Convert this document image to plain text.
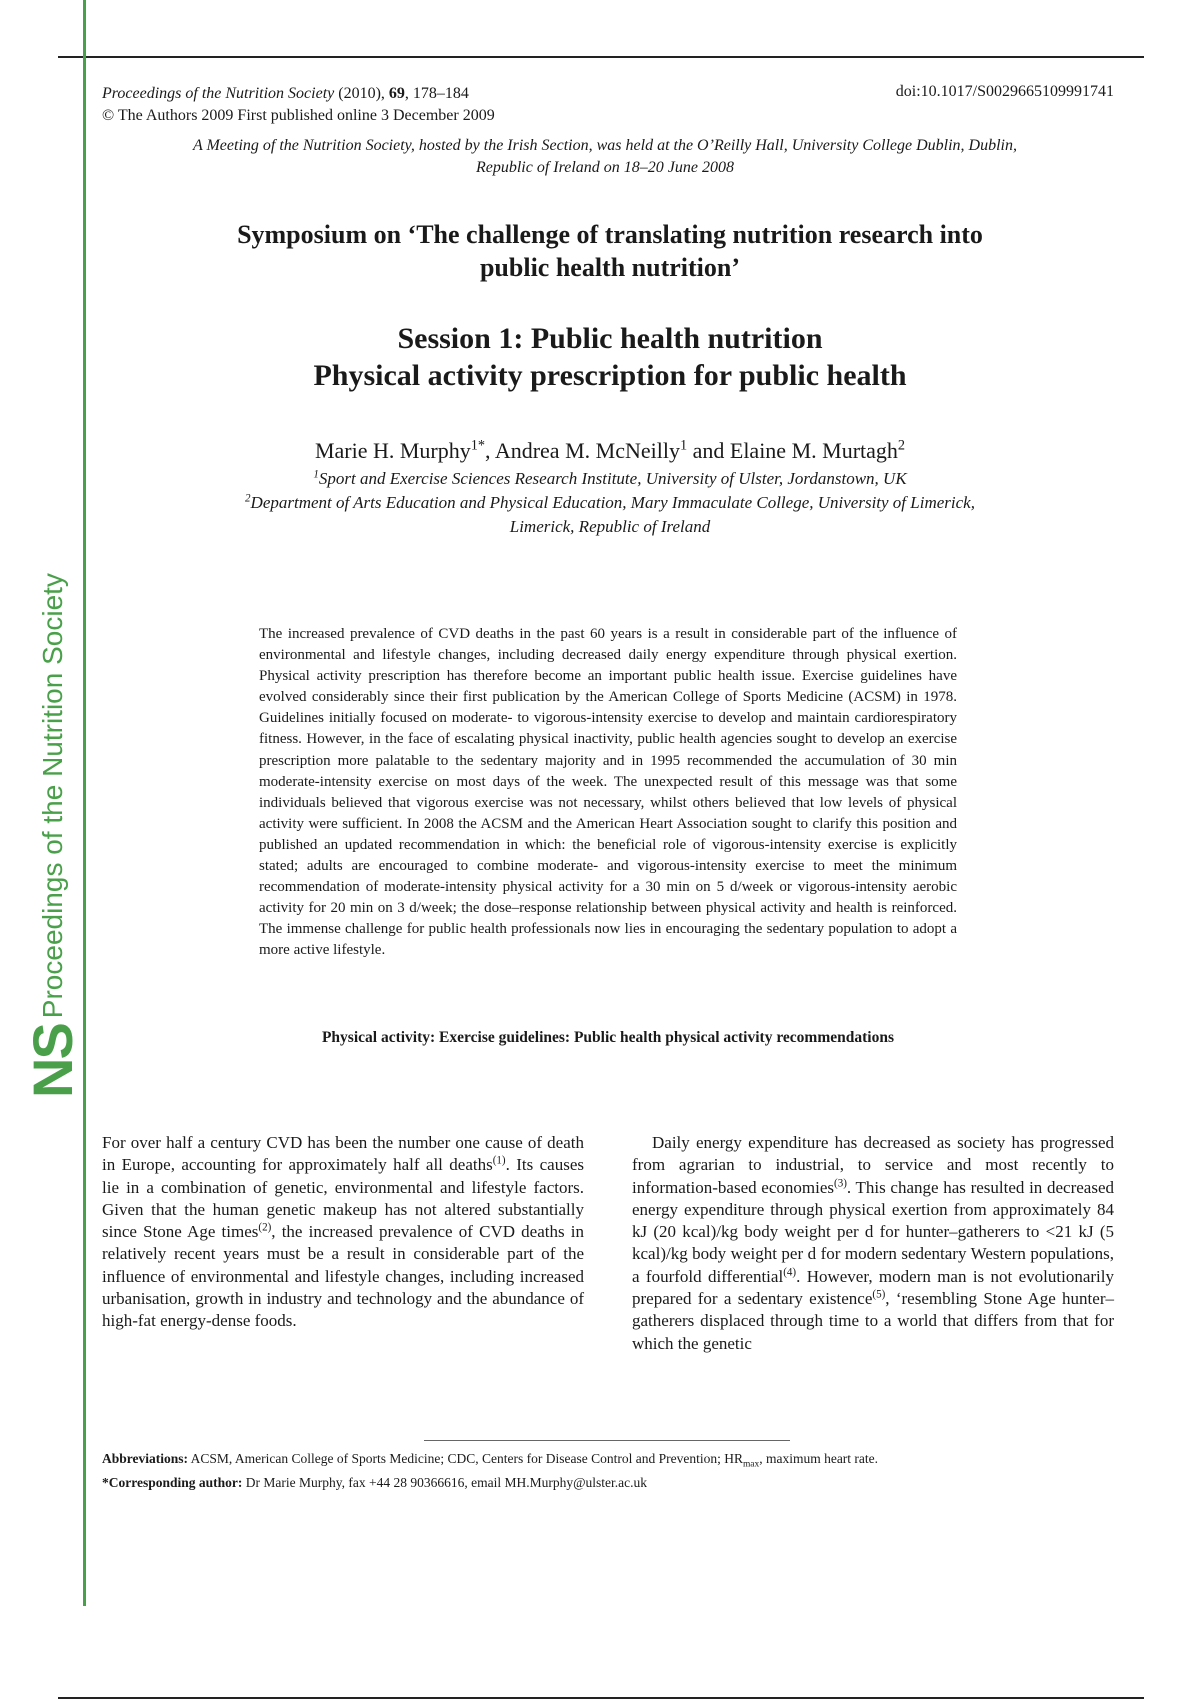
NSProceedings of the Nutrition Society
Proceedings of the Nutrition Society (2010), 69, 178–184
© The Authors 2009 First published online 3 December 2009
doi:10.1017/S0029665109991741
A Meeting of the Nutrition Society, hosted by the Irish Section, was held at the O’Reilly Hall, University College Dublin, Dublin,
Republic of Ireland on 18–20 June 2008
Symposium on ‘The challenge of translating nutrition research into
public health nutrition’
Session 1: Public health nutrition
Physical activity prescription for public health
Marie H. Murphy$^{1*}$, Andrea M. McNeilly$^1$ and Elaine M. Murtagh$^2$
$^1$Sport and Exercise Sciences Research Institute, University of Ulster, Jordanstown, UK
$^2$Department of Arts Education and Physical Education, Mary Immaculate College, University of Limerick,
Limerick, Republic of Ireland
The increased prevalence of CVD deaths in the past 60 years is a result in considerable part of the influence of environmental and lifestyle changes, including decreased daily energy expenditure through physical exertion. Physical activity prescription has therefore become an important public health issue. Exercise guidelines have evolved considerably since their first publication by the American College of Sports Medicine (ACSM) in 1978. Guidelines initially focused on moderate- to vigorous-intensity exercise to develop and maintain cardiorespiratory fitness. However, in the face of escalating physical inactivity, public health agencies sought to develop an exercise prescription more palatable to the sedentary majority and in 1995 recommended the accumulation of 30 min moderate-intensity exercise on most days of the week. The unexpected result of this message was that some individuals believed that vigorous exercise was not necessary, whilst others believed that low levels of physical activity were sufficient. In 2008 the ACSM and the American Heart Association sought to clarify this position and published an updated recommendation in which: the beneficial role of vigorous-intensity exercise is explicitly stated; adults are encouraged to combine moderate- and vigorous-intensity exercise to meet the minimum recommendation of moderate-intensity physical activity for a 30 min on 5 d/week or vigorous-intensity aerobic activity for 20 min on 3 d/week; the dose–response relationship between physical activity and health is reinforced. The immense challenge for public health professionals now lies in encouraging the sedentary population to adopt a more active lifestyle.
Physical activity: Exercise guidelines: Public health physical activity recommendations

For over half a century CVD has been the number one cause of death in Europe, accounting for approximately half all deaths$^{(1)}$. Its causes lie in a combination of genetic, environmental and lifestyle factors. Given that the human genetic makeup has not altered substantially since Stone Age times$^{(2)}$, the increased prevalence of CVD deaths in relatively recent years must be a result in considerable part of the influence of environmental and lifestyle changes, including increased urbanisation, growth in industry and technology and the abundance of high-fat energy-dense foods.

Daily energy expenditure has decreased as society has progressed from agrarian to industrial, to service and most recently to information-based economies$^{(3)}$. This change has resulted in decreased energy expenditure through physical exertion from approximately 84 kJ (20 kcal)/kg body weight per d for hunter–gatherers to <21 kJ (5 kcal)/kg body weight per d for modern sedentary Western populations, a fourfold differential$^{(4)}$. However, modern man is not evolutionarily prepared for a sedentary existence$^{(5)}$, ‘resembling Stone Age hunter–gatherers displaced through time to a world that differs from that for which the genetic

Abbreviations: ACSM, American College of Sports Medicine; CDC, Centers for Disease Control and Prevention; $HR_{max}$, maximum heart rate.
*Corresponding author: Dr Marie Murphy, fax +44 28 90366616, email MH.Murphy@ulster.ac.uk
